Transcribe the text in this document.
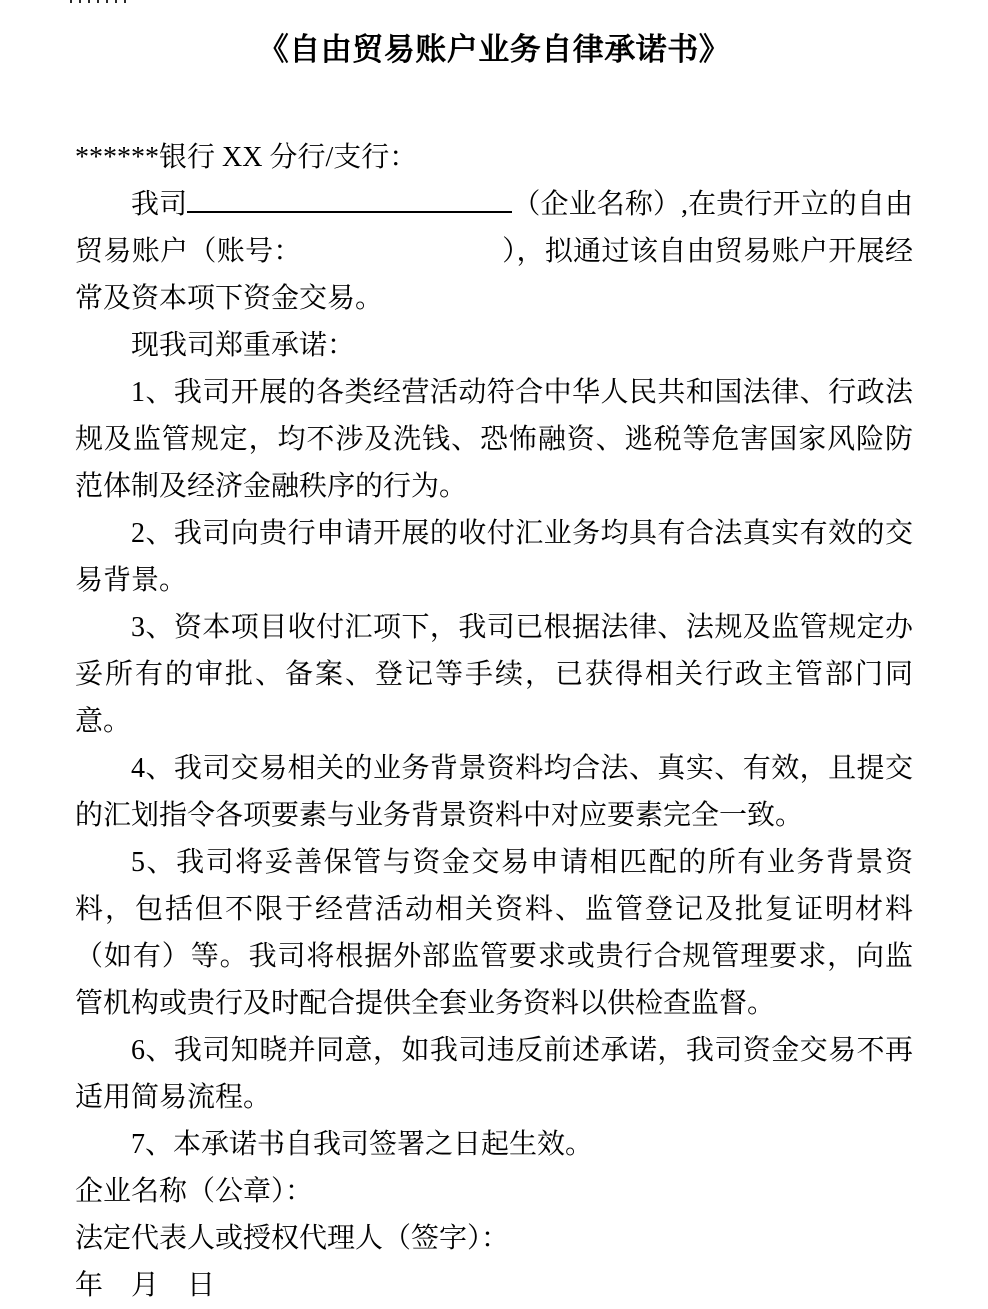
《自由贸易账户业务自律承诺书》

******银行 XX 分行/支行：

我司	（企业名称）,在贵行开立的自由贸易账户（账号：	），拟通过该自由贸易账户开展经常及资本项下资金交易。

现我司郑重承诺：

1、我司开展的各类经营活动符合中华人民共和国法律、行政法规及监管规定，均不涉及洗钱、恐怖融资、逃税等危害国家风险防范体制及经济金融秩序的行为。

2、我司向贵行申请开展的收付汇业务均具有合法真实有效的交易背景。

3、资本项目收付汇项下，我司已根据法律、法规及监管规定办妥所有的审批、备案、登记等手续，已获得相关行政主管部门同意。

4、我司交易相关的业务背景资料均合法、真实、有效，且提交的汇划指令各项要素与业务背景资料中对应要素完全一致。

5、我司将妥善保管与资金交易申请相匹配的所有业务背景资料，包括但不限于经营活动相关资料、监管登记及批复证明材料（如有）等。我司将根据外部监管要求或贵行合规管理要求，向监管机构或贵行及时配合提供全套业务资料以供检查监督。

6、我司知晓并同意，如我司违反前述承诺，我司资金交易不再适用简易流程。

7、本承诺书自我司签署之日起生效。

企业名称（公章）：

法定代表人或授权代理人（签字）：

年　月　日
